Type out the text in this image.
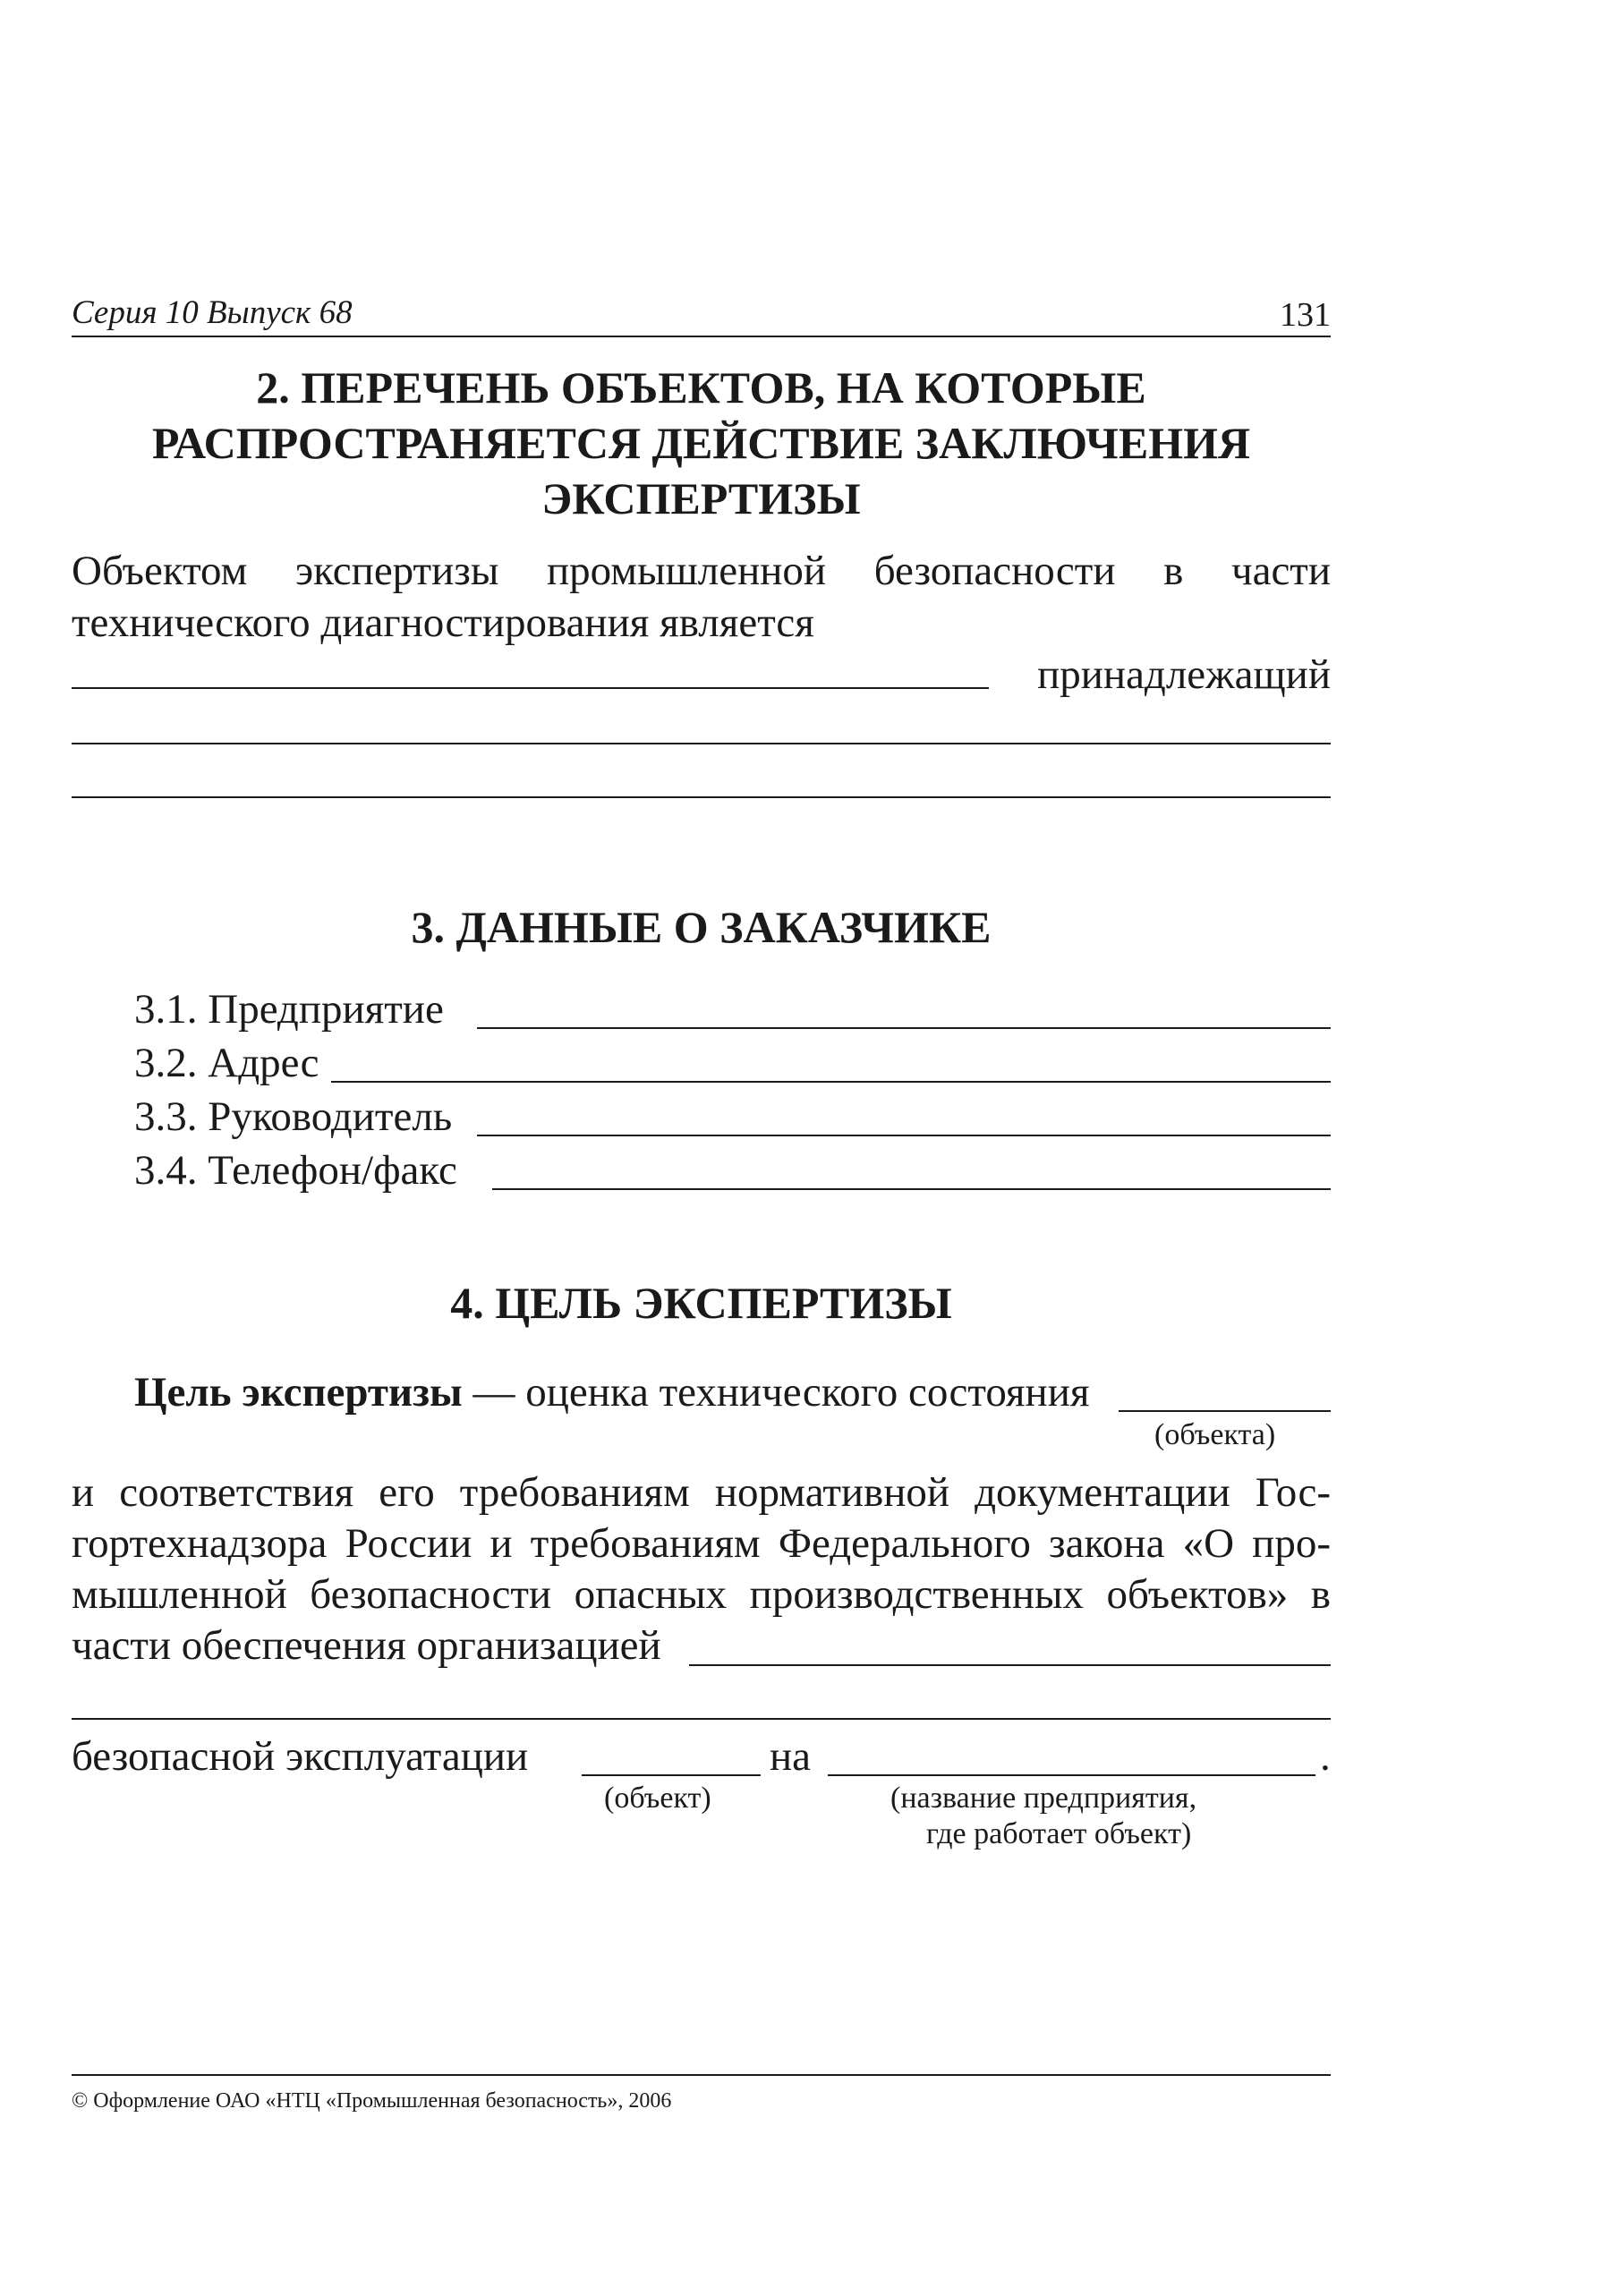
Серия 10 Выпуск 68	131
2. ПЕРЕЧЕНЬ ОБЪЕКТОВ, НА КОТОРЫЕ
РАСПРОСТРАНЯЕТСЯ ДЕЙСТВИЕ ЗАКЛЮЧЕНИЯ
ЭКСПЕРТИЗЫ
Объектом экспертизы промышленной безопасности в части
технического диагностирования является
принадлежащий
3. ДАННЫЕ О ЗАКАЗЧИКЕ
3.1. Предприятие
3.2. Адрес
3.3. Руководитель
3.4. Телефон/факс
4. ЦЕЛЬ ЭКСПЕРТИЗЫ
Цель экспертизы — оценка технического состояния
(объекта)
и соответствия его требованиям нормативной документации Гос-
гортехнадзора России и требованиям Федерального закона «О про-
мышленной безопасности опасных производственных объектов» в
части обеспечения организацией
безопасной эксплуатации	на	.
(объект)	(название предприятия,
где работает объект)
© Оформление ОАО «НТЦ «Промышленная безопасность», 2006
